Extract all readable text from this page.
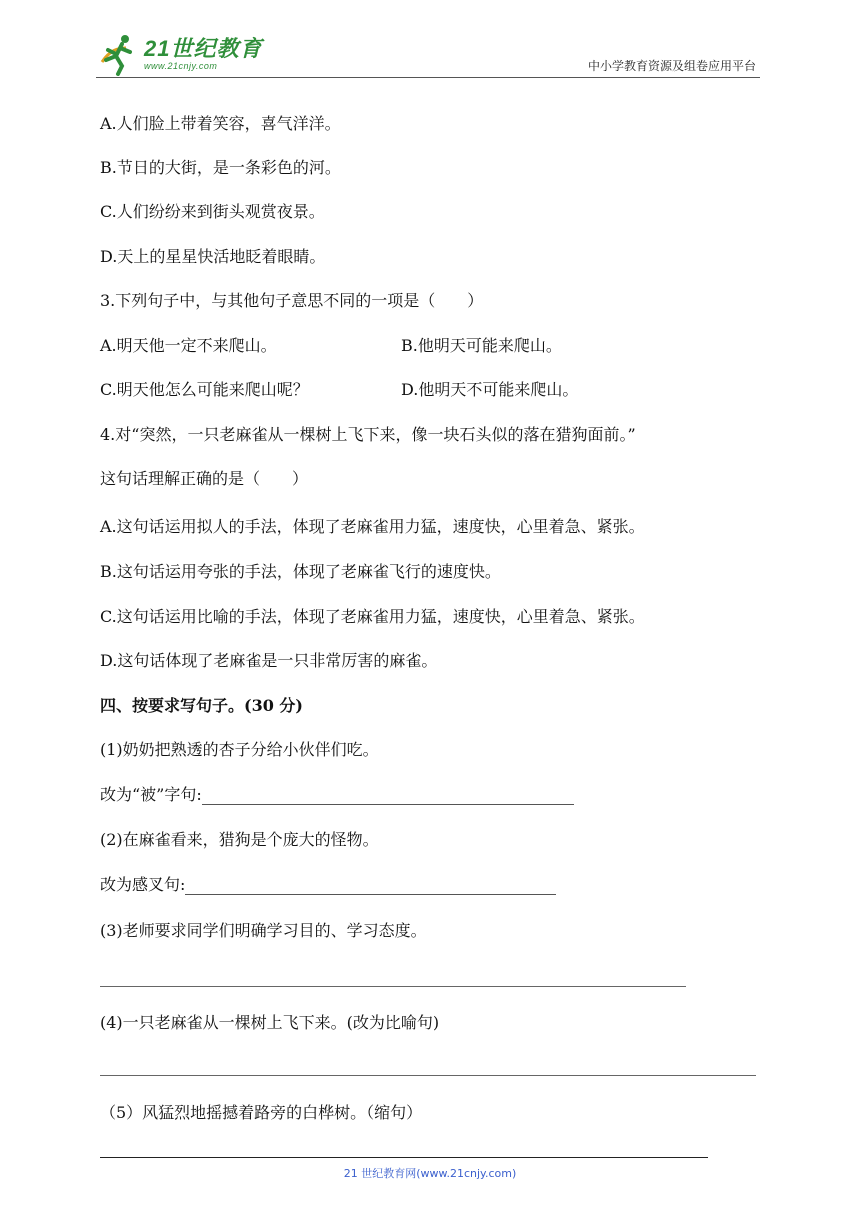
21世纪教育
www.21cnjy.com	中小学教育资源及组卷应用平台
A.人们脸上带着笑容，喜气洋洋。
B.节日的大街，是一条彩色的河。
C.人们纷纷来到街头观赏夜景。
D.天上的星星快活地眨着眼睛。
3.下列句子中，与其他句子意思不同的一项是（　　）
A.明天他一定不来爬山。	B.他明天可能来爬山。
C.明天他怎么可能来爬山呢？	D.他明天不可能来爬山。
4.对“突然，一只老麻雀从一棵树上飞下来，像一块石头似的落在猎狗面前。”
这句话理解正确的是（　　）
A.这句话运用拟人的手法，体现了老麻雀用力猛，速度快，心里着急、紧张。
B.这句话运用夸张的手法，体现了老麻雀飞行的速度快。
C.这句话运用比喻的手法，体现了老麻雀用力猛，速度快，心里着急、紧张。
D.这句话体现了老麻雀是一只非常厉害的麻雀。
四、按要求写句子。(30 分)
(1)奶奶把熟透的杏子分给小伙伴们吃。
改为“被”字句:
(2)在麻雀看来，猎狗是个庞大的怪物。
改为感叉句:
(3)老师要求同学们明确学习目的、学习态度。
(4)一只老麻雀从一棵树上飞下来。(改为比喻句)
（5）风猛烈地摇撼着路旁的白桦树。（缩句）
21 世纪教育网(www.21cnjy.com)
